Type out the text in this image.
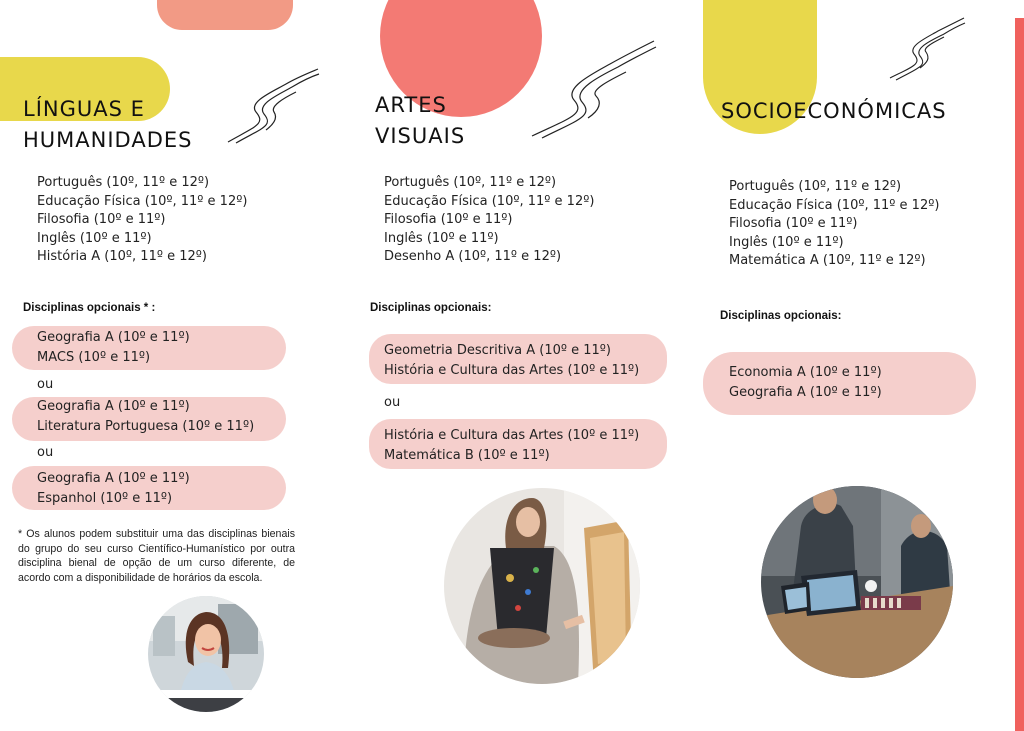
LÍNGUAS E
HUMANIDADES
Português (10º, 11º e 12º)
Educação Física (10º, 11º e 12º)
Filosofia (10º e 11º)
Inglês (10º e 11º)
História A (10º, 11º e 12º)

Disciplinas opcionais * :

Geografia A (10º e 11º)
MACS (10º e 11º)
ou
Geografia A (10º e 11º)
Literatura Portuguesa (10º e 11º)
ou
Geografia A (10º e 11º)
Espanhol (10º e 11º)

* Os alunos podem substituir uma das disciplinas bienais do grupo do seu curso Científico-Humanístico por outra disciplina bienal de opção de um curso diferente, de acordo com a disponibilidade de horários da escola.

ARTES
VISUAIS
Português (10º, 11º e 12º)
Educação Física (10º, 11º e 12º)
Filosofia (10º e 11º)
Inglês (10º e 11º)
Desenho A (10º, 11º e 12º)

Disciplinas opcionais:

Geometria Descritiva A (10º e 11º)
História e Cultura das Artes (10º e 11º)
ou
História e Cultura das Artes (10º e 11º)
Matemática B (10º e 11º)
SOCIOECONÓMICAS
Português (10º, 11º e 12º)
Educação Física (10º, 11º e 12º)
Filosofia (10º e 11º)
Inglês (10º e 11º)
Matemática A (10º, 11º e 12º)

Disciplinas opcionais:

Economia A (10º e 11º)
Geografia A (10º e 11º)
